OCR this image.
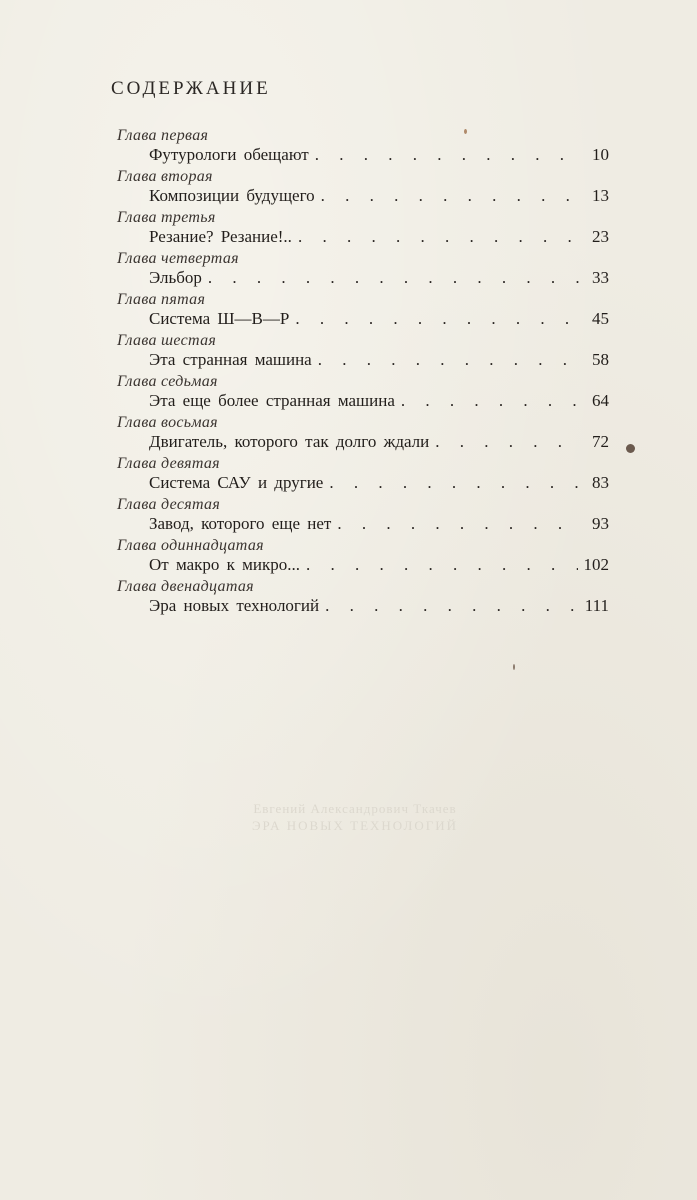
СОДЕРЖАНИЕ
Глава первая
Футурологи обещают . . .	10
Глава вторая
Композиции будущего . . .	13
Глава третья
Резание? Резание!.. . . .	23
Глава четвертая
Эльбор . . .	33
Глава пятая
Система Ш—В—Р . . .	45
Глава шестая
Эта странная машина . . .	58
Глава седьмая
Эта еще более странная машина . . .	64
Глава восьмая
Двигатель, которого так долго ждали . . .	72
Глава девятая
Система САУ и другие . . .	83
Глава десятая
Завод, которого еще нет . . .	93
Глава одиннадцатая
От макро к микро... . . .	102
Глава двенадцатая
Эра новых технологий . . .	111
Евгений Александрович Ткачев
ЭРА НОВЫХ ТЕХНОЛОГИЙ
